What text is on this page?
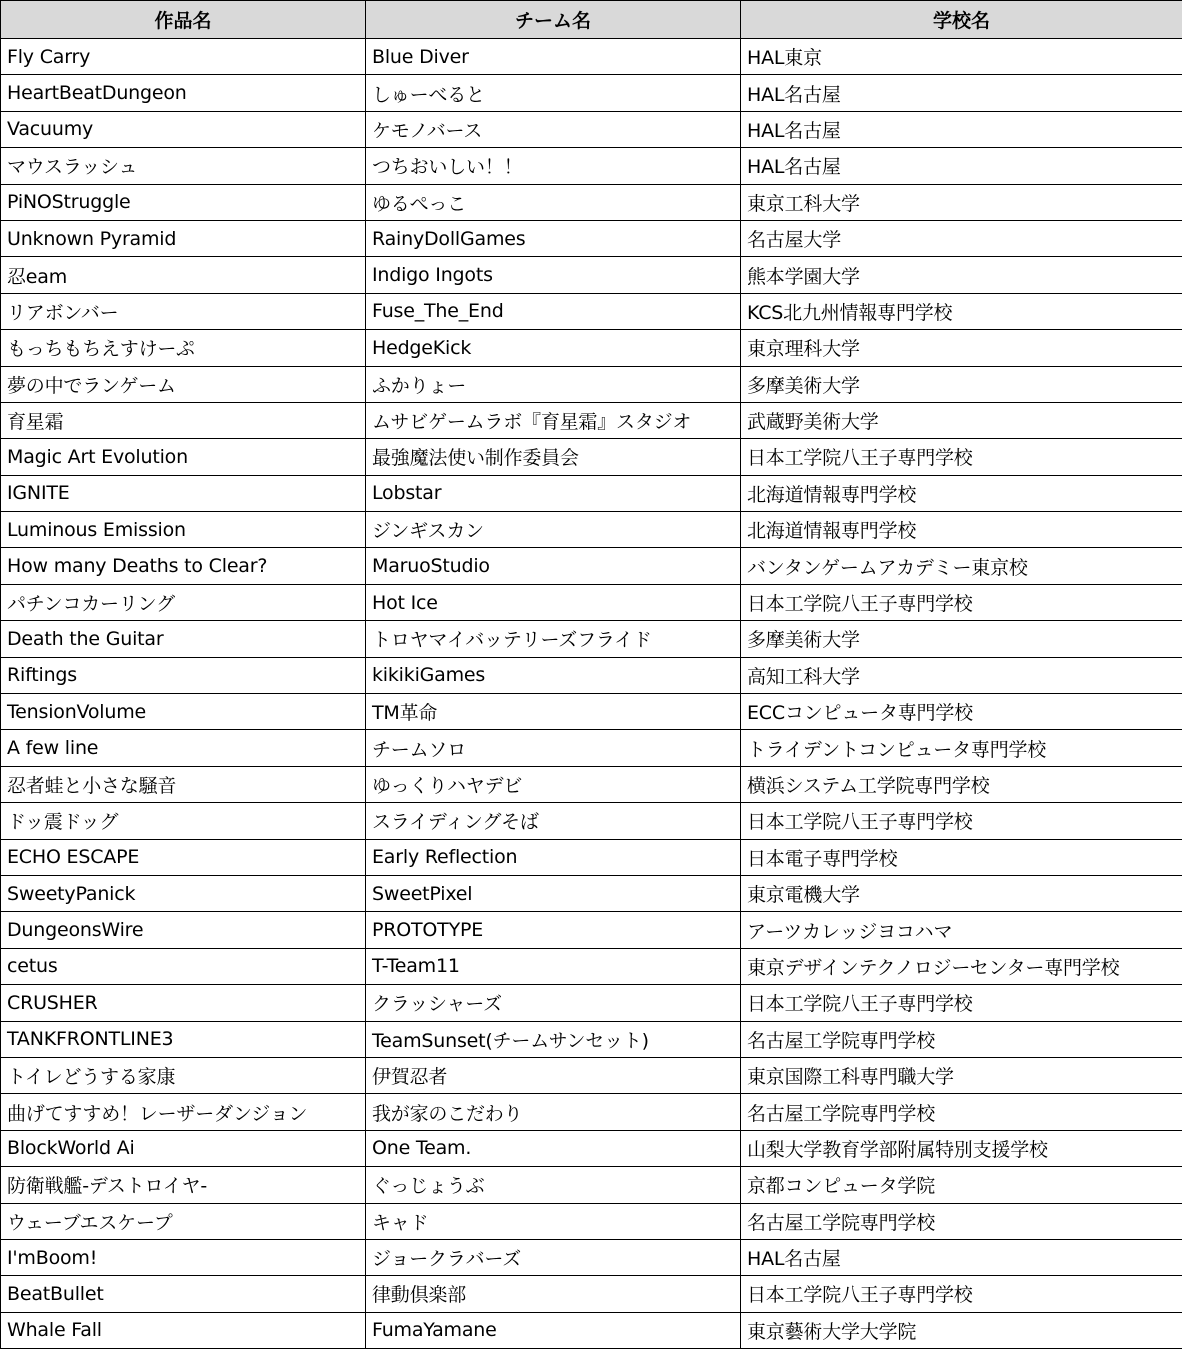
作品名	チーム名	学校名
Fly Carry	Blue Diver	HAL東京
HeartBeatDungeon	しゅーべると	HAL名古屋
Vacuumy	ケモノバース	HAL名古屋
マウスラッシュ	つちおいしい！！	HAL名古屋
PiNOStruggle	ゆるぺっこ	東京工科大学
Unknown Pyramid	RainyDollGames	名古屋大学
忍eam	Indigo Ingots	熊本学園大学
リアボンバー	Fuse_The_End	KCS北九州情報専門学校
もっちもちえすけーぷ	HedgeKick	東京理科大学
夢の中でランゲーム	ふかりょー	多摩美術大学
育星霜	ムサビゲームラボ『育星霜』スタジオ	武蔵野美術大学
Magic Art Evolution	最強魔法使い制作委員会	日本工学院八王子専門学校
IGNITE	Lobstar	北海道情報専門学校
Luminous Emission	ジンギスカン	北海道情報専門学校
How many Deaths to Clear?	MaruoStudio	バンタンゲームアカデミー東京校
パチンコカーリング	Hot Ice	日本工学院八王子専門学校
Death the Guitar	トロヤマイバッテリーズフライド	多摩美術大学
Riftings	kikikiGames	高知工科大学
TensionVolume	TM革命	ECCコンピュータ専門学校
A few line	チームソロ	トライデントコンピュータ専門学校
忍者蛙と小さな騒音	ゆっくりハヤデビ	横浜システム工学院専門学校
ドッ震ドッグ	スライディングそば	日本工学院八王子専門学校
ECHO ESCAPE	Early Reflection	日本電子専門学校
SweetyPanick	SweetPixel	東京電機大学
DungeonsWire	PROTOTYPE	アーツカレッジヨコハマ
cetus	T-Team11	東京デザインテクノロジーセンター専門学校
CRUSHER	クラッシャーズ	日本工学院八王子専門学校
TANKFRONTLINE3	TeamSunset(チームサンセット)	名古屋工学院専門学校
トイレどうする家康	伊賀忍者	東京国際工科専門職大学
曲げてすすめ！レーザーダンジョン	我が家のこだわり	名古屋工学院専門学校
BlockWorld Ai	One Team.	山梨大学教育学部附属特別支援学校
防衛戦艦-デストロイヤ-	ぐっじょうぶ	京都コンピュータ学院
ウェーブエスケープ	キャド	名古屋工学院専門学校
I'mBoom!	ジョークラバーズ	HAL名古屋
BeatBullet	律動倶楽部	日本工学院八王子専門学校
Whale Fall	FumaYamane	東京藝術大学大学院
